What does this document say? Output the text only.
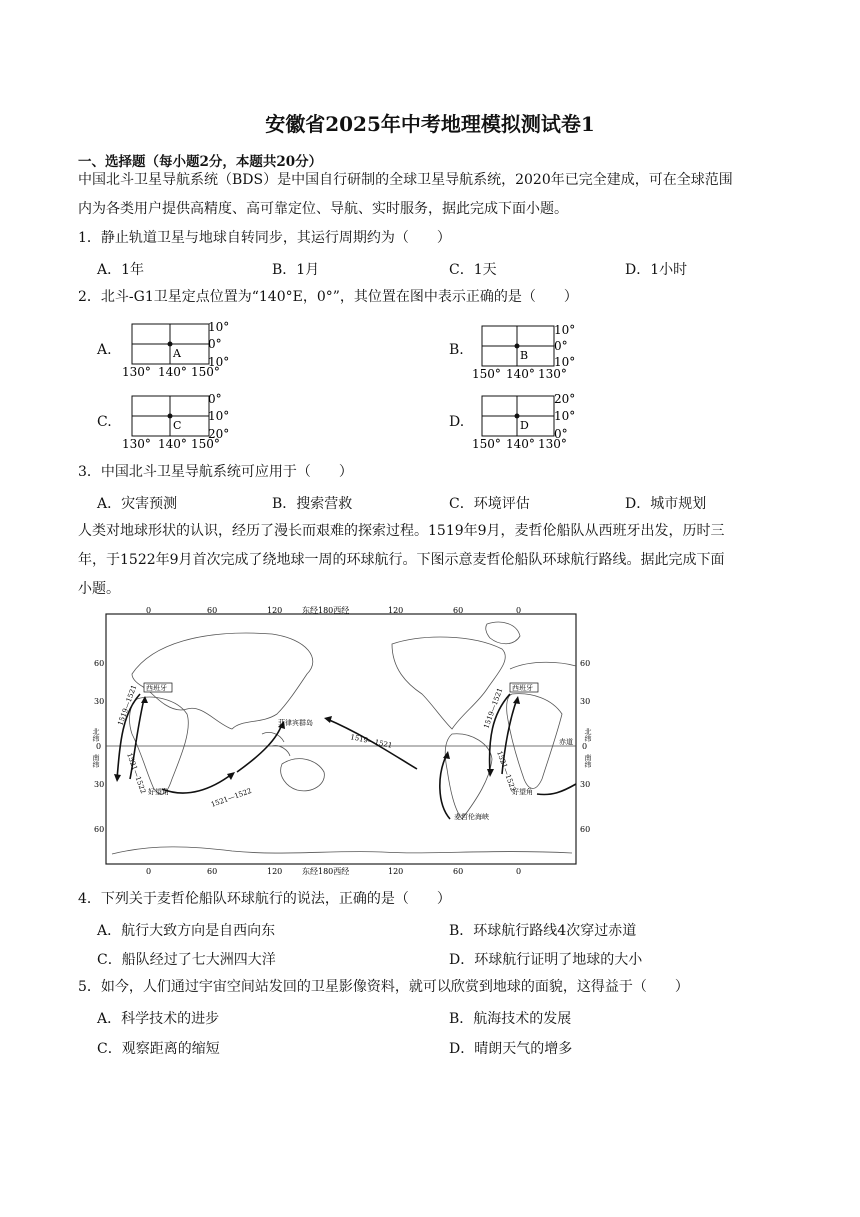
安徽省2025年中考地理模拟测试卷1
一、选择题（每小题2分，本题共20分）
中国北斗卫星导航系统（BDS）是中国自行研制的全球卫星导航系统，2020年已完全建成，可在全球范围
内为各类用户提供高精度、高可靠定位、导航、实时服务，据此完成下面小题。
1．静止轨道卫星与地球自转同步，其运行周期约为（　　）
A．1年	B．1月	C．1天	D．1小时
2．北斗-G1卫星定点位置为“140°E，0°”，其位置在图中表示正确的是（　　）
A.	B.
C.	D.
A
10°
0°
10°
130° 140° 150°
B
10°
0°
10°
150° 140° 130°
C
0°
10°
20°
130° 140° 150°
D
20°
10°
0°
150° 140° 130°
3．中国北斗卫星导航系统可应用于（　　）
A．灾害预测	B．搜索营救	C．环境评估	D．城市规划
人类对地球形状的认识，经历了漫长而艰难的探索过程。1519年9月，麦哲伦船队从西班牙出发，历时三
年，于1522年9月首次完成了绕地球一周的环球航行。下图示意麦哲伦船队环球航行路线。据此完成下面
小题。
0	60	120 东经180西经	120	60	0
0	60	120 东经180西经	120	60	0
60
30
0
30
60
北纬
南纬
60
30
0
30
60
北纬
南纬
赤道
西班牙	西班牙
菲律宾群岛
好望角	好望角
麦哲伦海峡
1519—1521
1521—1522
1519—1521
1521—1522
1519—1521
1521—1522
4．下列关于麦哲伦船队环球航行的说法，正确的是（　　）
A．航行大致方向是自西向东	B．环球航行路线4次穿过赤道
C．船队经过了七大洲四大洋	D．环球航行证明了地球的大小
5．如今，人们通过宇宙空间站发回的卫星影像资料，就可以欣赏到地球的面貌，这得益于（　　）
A．科学技术的进步	B．航海技术的发展
C．观察距离的缩短	D．晴朗天气的增多
